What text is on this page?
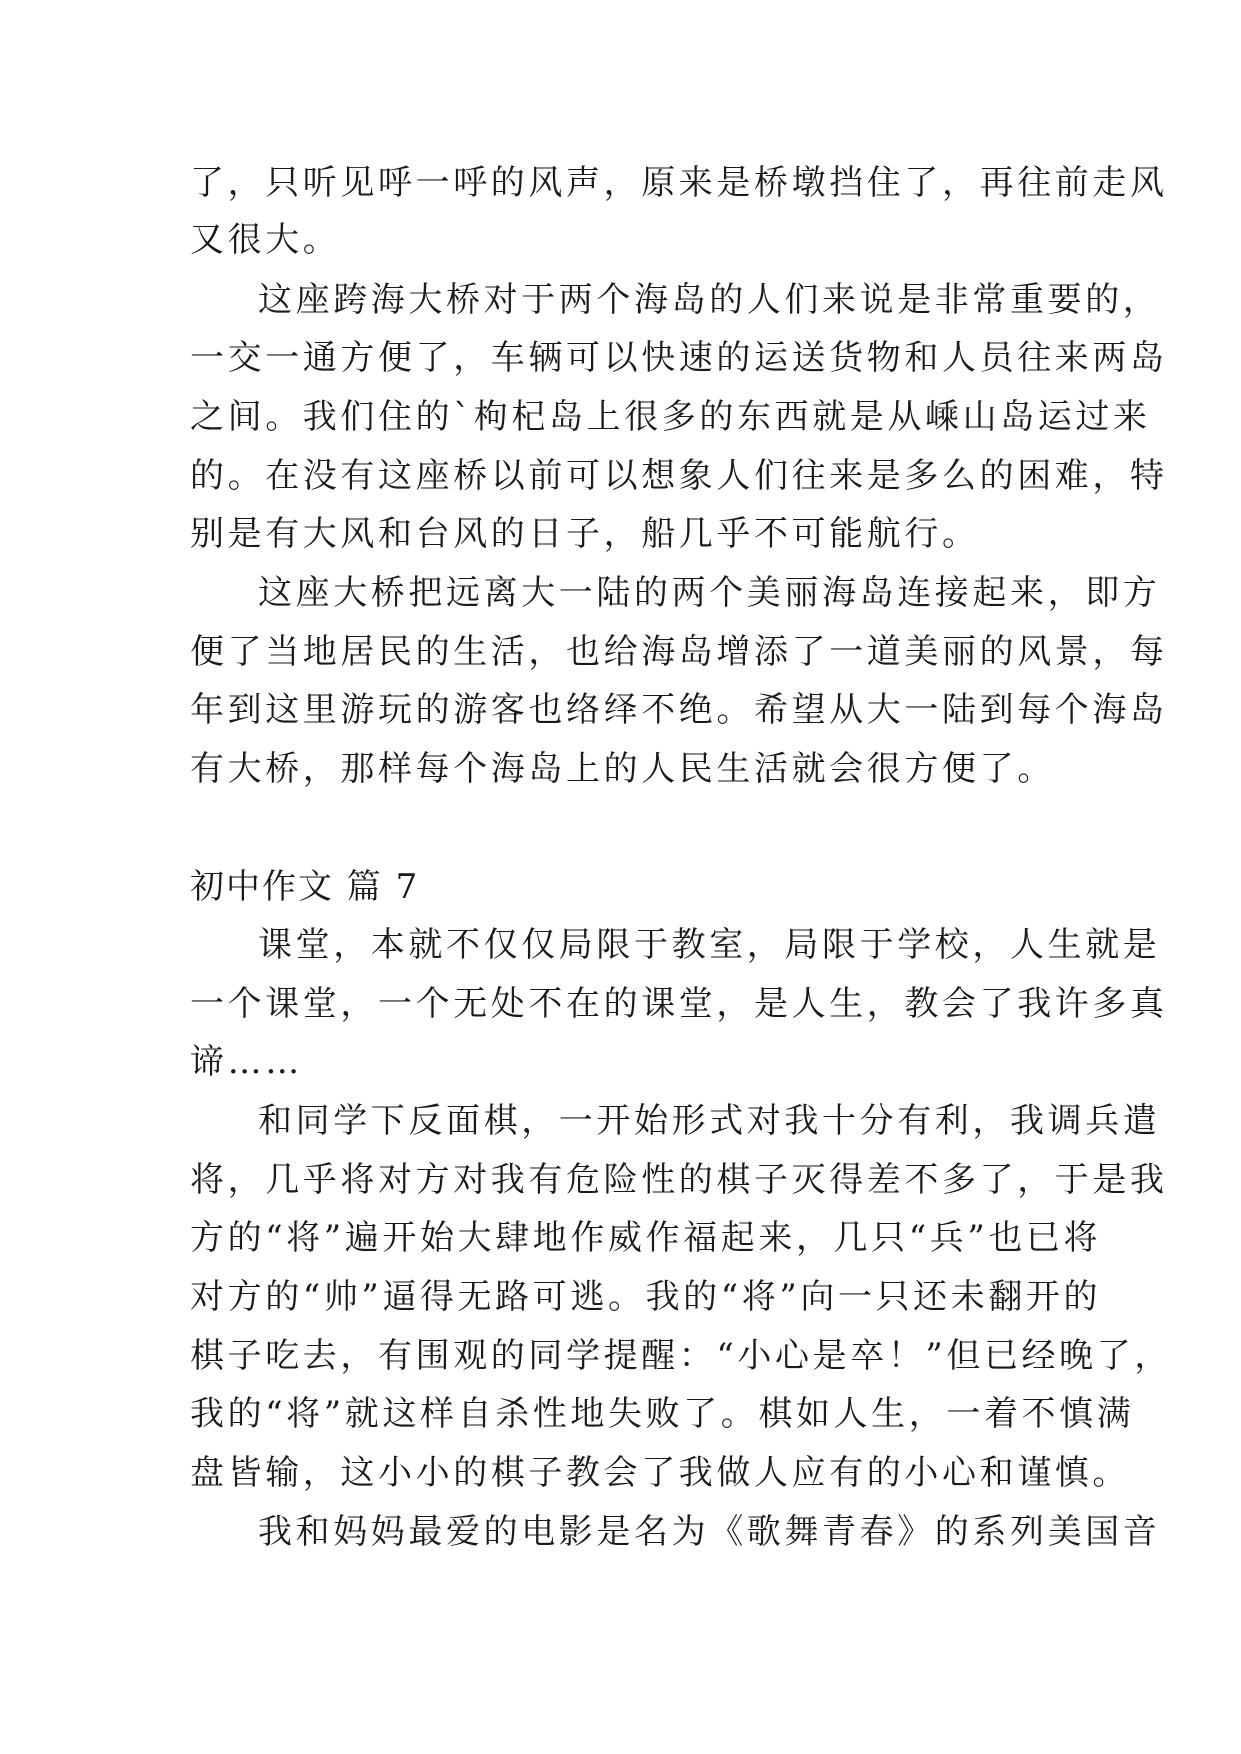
了，只听见呼一呼的风声，原来是桥墩挡住了，再往前走风
又很大。
这座跨海大桥对于两个海岛的人们来说是非常重要的，
一交一通方便了，车辆可以快速的运送货物和人员往来两岛
之间。我们住的`枸杞岛上很多的东西就是从嵊山岛运过来
的。在没有这座桥以前可以想象人们往来是多么的困难，特
别是有大风和台风的日子，船几乎不可能航行。
这座大桥把远离大一陆的两个美丽海岛连接起来，即方
便了当地居民的生活，也给海岛增添了一道美丽的风景，每
年到这里游玩的游客也络绎不绝。希望从大一陆到每个海岛
有大桥，那样每个海岛上的人民生活就会很方便了。
初中作文 篇 7
课堂，本就不仅仅局限于教室，局限于学校，人生就是
一个课堂，一个无处不在的课堂，是人生，教会了我许多真
谛……
和同学下反面棋，一开始形式对我十分有利，我调兵遣
将，几乎将对方对我有危险性的棋子灭得差不多了，于是我
方的“将”遍开始大肆地作威作福起来，几只“兵”也已将
对方的“帅”逼得无路可逃。我的“将”向一只还未翻开的
棋子吃去，有围观的同学提醒：“小心是卒！”但已经晚了，
我的“将”就这样自杀性地失败了。棋如人生，一着不慎满
盘皆输，这小小的棋子教会了我做人应有的小心和谨慎。
我和妈妈最爱的电影是名为《歌舞青春》的系列美国音
